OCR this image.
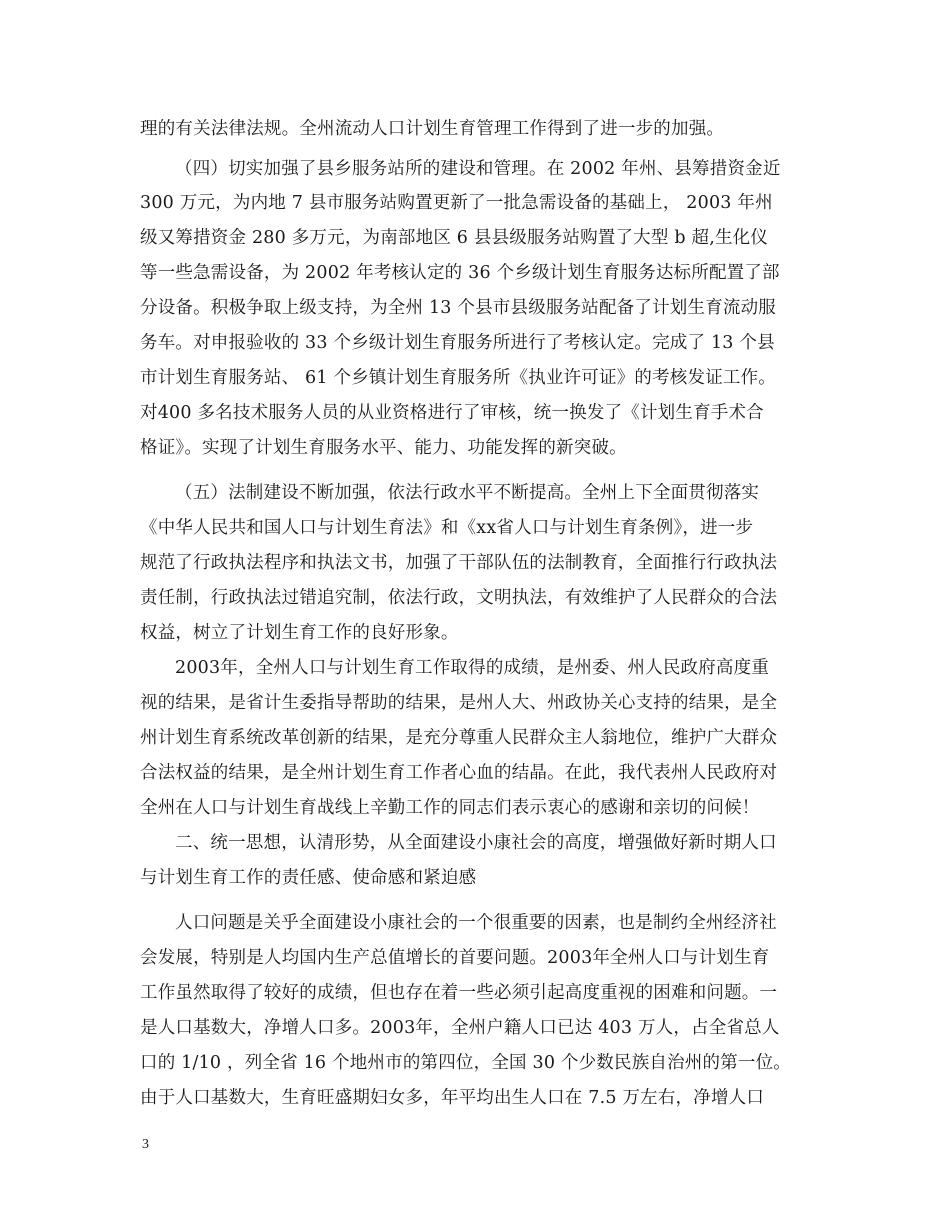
理的有关法律法规。全州流动人口计划生育管理工作得到了进一步的加强。
（四）切实加强了县乡服务站所的建设和管理。在 2002 年州、县筹措资金近
300 万元，为内地 7 县市服务站购置更新了一批急需设备的基础上， 2003 年州
级又筹措资金 280 多万元，为南部地区 6 县县级服务站购置了大型 b 超,生化仪
等一些急需设备，为 2002 年考核认定的 36 个乡级计划生育服务达标所配置了部
分设备。积极争取上级支持，为全州 13 个县市县级服务站配备了计划生育流动服
务车。对申报验收的 33 个乡级计划生育服务所进行了考核认定。完成了 13 个县
市计划生育服务站、 61 个乡镇计划生育服务所《执业许可证》的考核发证工作。
对400 多名技术服务人员的从业资格进行了审核，统一换发了《计划生育手术合
格证》。实现了计划生育服务水平、能力、功能发挥的新突破。
（五）法制建设不断加强，依法行政水平不断提高。全州上下全面贯彻落实
《中华人民共和国人口与计划生育法》和《xx省人口与计划生育条例》，进一步
规范了行政执法程序和执法文书，加强了干部队伍的法制教育，全面推行行政执法
责任制，行政执法过错追究制，依法行政，文明执法，有效维护了人民群众的合法
权益，树立了计划生育工作的良好形象。
2003年，全州人口与计划生育工作取得的成绩，是州委、州人民政府高度重
视的结果，是省计生委指导帮助的结果，是州人大、州政协关心支持的结果，是全
州计划生育系统改革创新的结果，是充分尊重人民群众主人翁地位，维护广大群众
合法权益的结果，是全州计划生育工作者心血的结晶。在此，我代表州人民政府对
全州在人口与计划生育战线上辛勤工作的同志们表示衷心的感谢和亲切的问候！
二、统一思想，认清形势，从全面建设小康社会的高度，增强做好新时期人口
与计划生育工作的责任感、使命感和紧迫感
人口问题是关乎全面建设小康社会的一个很重要的因素，也是制约全州经济社
会发展，特别是人均国内生产总值增长的首要问题。2003年全州人口与计划生育
工作虽然取得了较好的成绩，但也存在着一些必须引起高度重视的困难和问题。一
是人口基数大，净增人口多。2003年，全州户籍人口已达 403 万人，占全省总人
口的 1/10 ，列全省 16 个地州市的第四位，全国 30 个少数民族自治州的第一位。
由于人口基数大，生育旺盛期妇女多，年平均出生人口在 7.5 万左右，净增人口
3
